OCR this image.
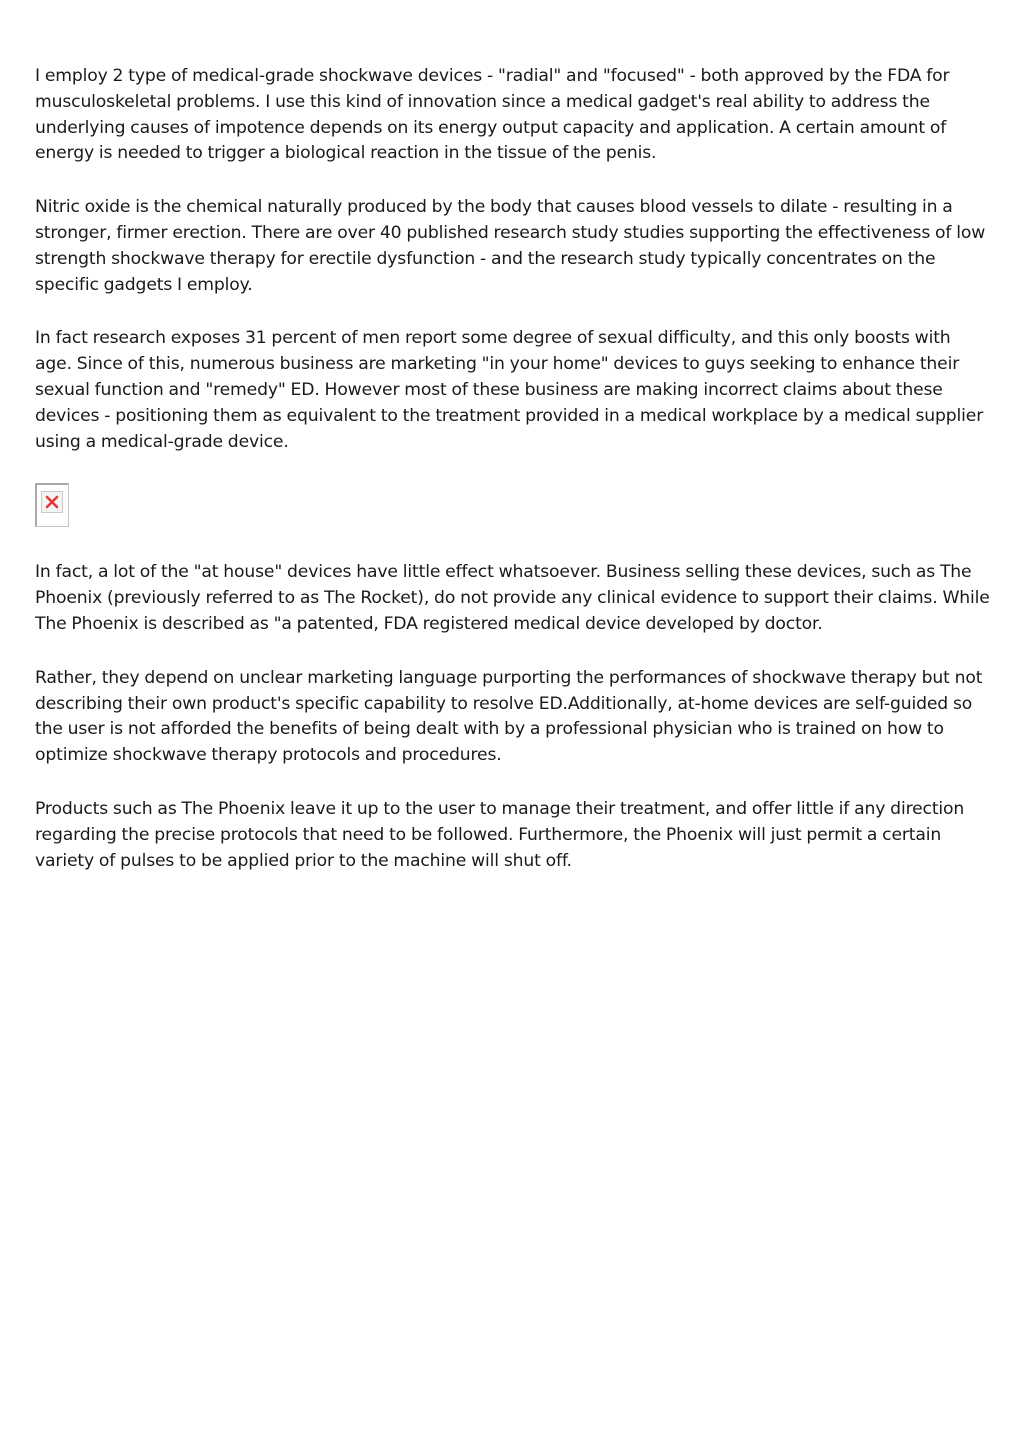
I employ 2 type of medical-grade shockwave devices - "radial" and "focused" - both approved by the FDA for musculoskeletal problems. I use this kind of innovation since a medical gadget's real ability to address the underlying causes of impotence depends on its energy output capacity and application. A certain amount of energy is needed to trigger a biological reaction in the tissue of the penis.

Nitric oxide is the chemical naturally produced by the body that causes blood vessels to dilate - resulting in a stronger, firmer erection. There are over 40 published research study studies supporting the effectiveness of low strength shockwave therapy for erectile dysfunction - and the research study typically concentrates on the specific gadgets I employ.

In fact research exposes 31 percent of men report some degree of sexual difficulty, and this only boosts with age. Since of this, numerous business are marketing "in your home" devices to guys seeking to enhance their sexual function and "remedy" ED. However most of these business are making incorrect claims about these devices - positioning them as equivalent to the treatment provided in a medical workplace by a medical supplier using a medical-grade device.

In fact, a lot of the "at house" devices have little effect whatsoever. Business selling these devices, such as The Phoenix (previously referred to as The Rocket), do not provide any clinical evidence to support their claims. While The Phoenix is described as "a patented, FDA registered medical device developed by doctor.

Rather, they depend on unclear marketing language purporting the performances of shockwave therapy but not describing their own product's specific capability to resolve ED.Additionally, at-home devices are self-guided so the user is not afforded the benefits of being dealt with by a professional physician who is trained on how to optimize shockwave therapy protocols and procedures.

Products such as The Phoenix leave it up to the user to manage their treatment, and offer little if any direction regarding the precise protocols that need to be followed. Furthermore, the Phoenix will just permit a certain variety of pulses to be applied prior to the machine will shut off.
